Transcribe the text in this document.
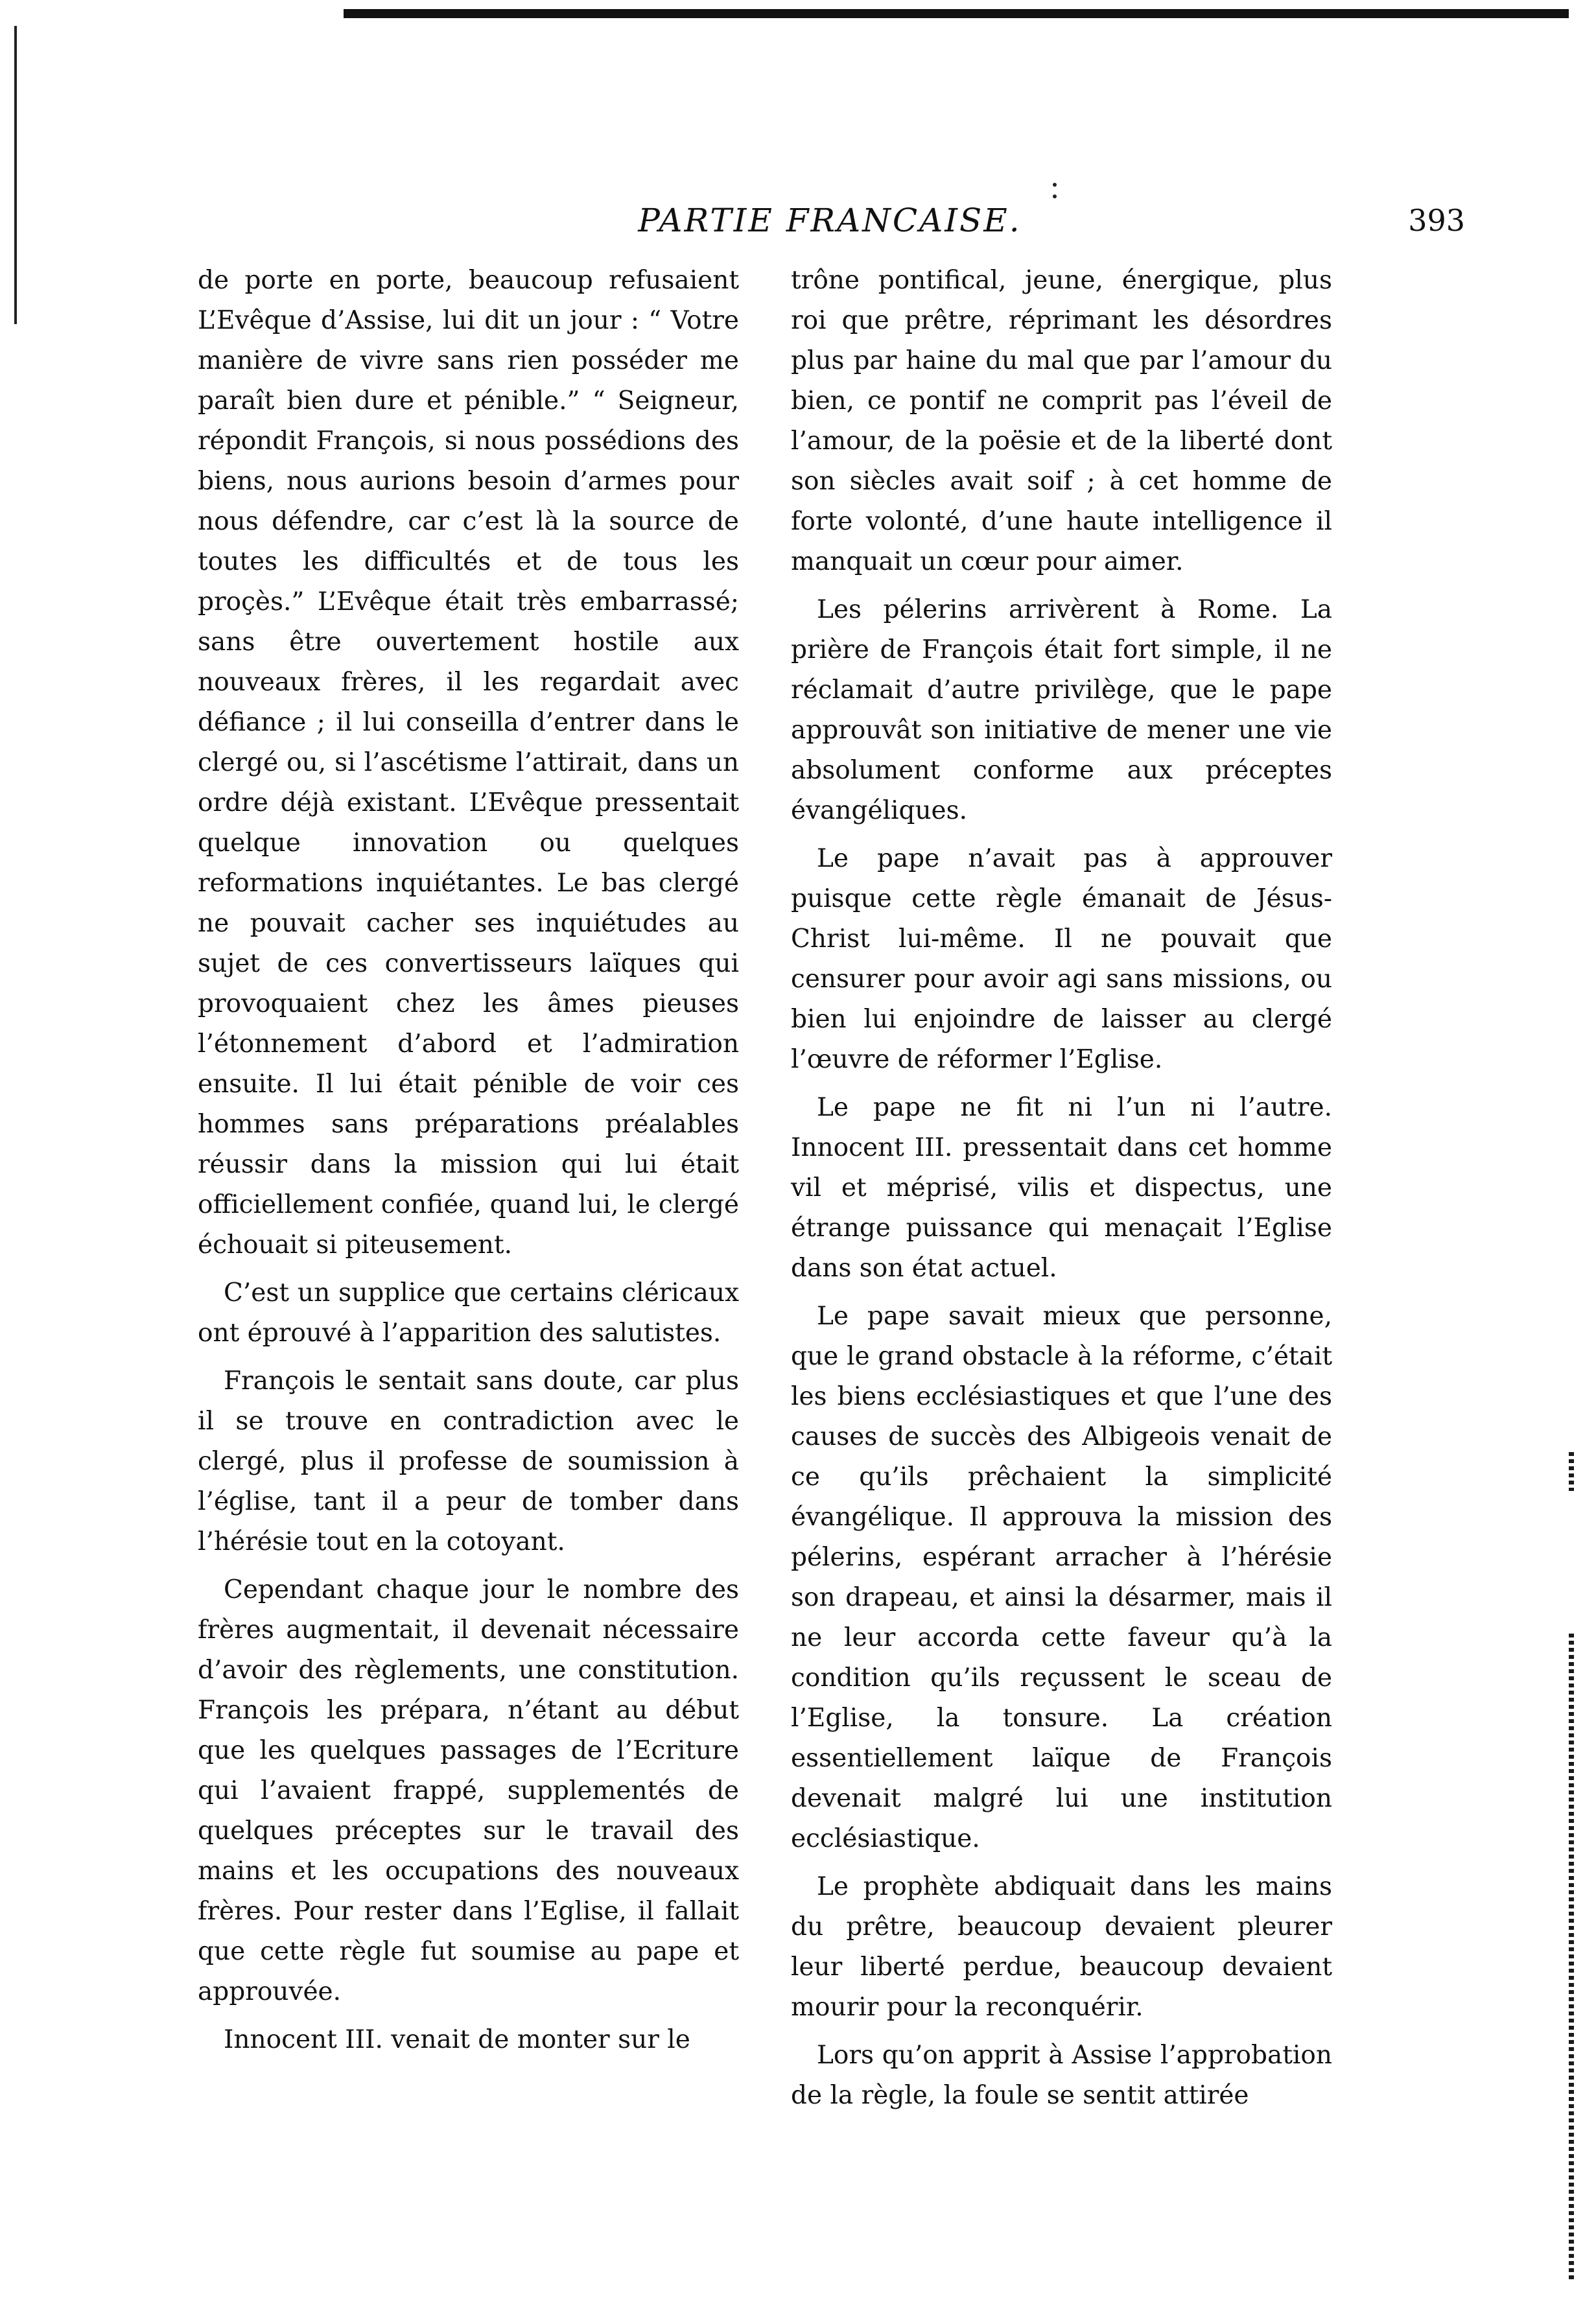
PARTIE FRANCAISE.	393

de porte en porte, beaucoup refusaient L’Evêque d’Assise, lui dit un jour : “ Votre manière de vivre sans rien posséder me paraît bien dure et pénible.” “ Seigneur, répondit François, si nous possédions des biens, nous aurions besoin d’armes pour nous défendre, car c’est là la source de toutes les difficultés et de tous les proçès.” L’Evêque était très embarrassé; sans être ouvertement hostile aux nouveaux frères, il les regardait avec défiance ; il lui conseilla d’entrer dans le clergé ou, si l’ascétisme l’attirait, dans un ordre déjà existant. L’Evêque pressentait quelque innovation ou quelques reformations inquiétantes. Le bas clergé ne pouvait cacher ses inquiétudes au sujet de ces convertisseurs laïques qui provoquaient chez les âmes pieuses l’étonnement d’abord et l’admiration ensuite. Il lui était pénible de voir ces hommes sans préparations préalables réussir dans la mission qui lui était officiellement confiée, quand lui, le clergé échouait si piteusement.

C’est un supplice que certains cléricaux ont éprouvé à l’apparition des salutistes.

François le sentait sans doute, car plus il se trouve en contradiction avec le clergé, plus il professe de soumission à l’église, tant il a peur de tomber dans l’hérésie tout en la cotoyant.

Cependant chaque jour le nombre des frères augmentait, il devenait nécessaire d’avoir des règlements, une constitution. François les prépara, n’étant au début que les quelques passages de l’Ecriture qui l’avaient frappé, supplementés de quelques préceptes sur le travail des mains et les occupations des nouveaux frères. Pour rester dans l’Eglise, il fallait que cette règle fut soumise au pape et approuvée.

Innocent III. venait de monter sur le

trône pontifical, jeune, énergique, plus roi que prêtre, réprimant les désordres plus par haine du mal que par l’amour du bien, ce pontif ne comprit pas l’éveil de l’amour, de la poësie et de la liberté dont son siècles avait soif ; à cet homme de forte volonté, d’une haute intelligence il manquait un cœur pour aimer.

Les pélerins arrivèrent à Rome. La prière de François était fort simple, il ne réclamait d’autre privilège, que le pape approuvât son initiative de mener une vie absolument conforme aux préceptes évangéliques.

Le pape n’avait pas à approuver puisque cette règle émanait de Jésus-Christ lui-même. Il ne pouvait que censurer pour avoir agi sans missions, ou bien lui enjoindre de laisser au clergé l’œuvre de réformer l’Eglise.

Le pape ne fit ni l’un ni l’autre. Innocent III. pressentait dans cet homme vil et méprisé, vilis et dispectus, une étrange puissance qui menaçait l’Eglise dans son état actuel.

Le pape savait mieux que personne, que le grand obstacle à la réforme, c’était les biens ecclésiastiques et que l’une des causes de succès des Albigeois venait de ce qu’ils prêchaient la simplicité évangélique. Il approuva la mission des pélerins, espérant arracher à l’hérésie son drapeau, et ainsi la désarmer, mais il ne leur accorda cette faveur qu’à la condition qu’ils reçussent le sceau de l’Eglise, la tonsure. La création essentiellement laïque de François devenait malgré lui une institution ecclésiastique.

Le prophète abdiquait dans les mains du prêtre, beaucoup devaient pleurer leur liberté perdue, beaucoup devaient mourir pour la reconquérir.

Lors qu’on apprit à Assise l’approbation de la règle, la foule se sentit attirée
